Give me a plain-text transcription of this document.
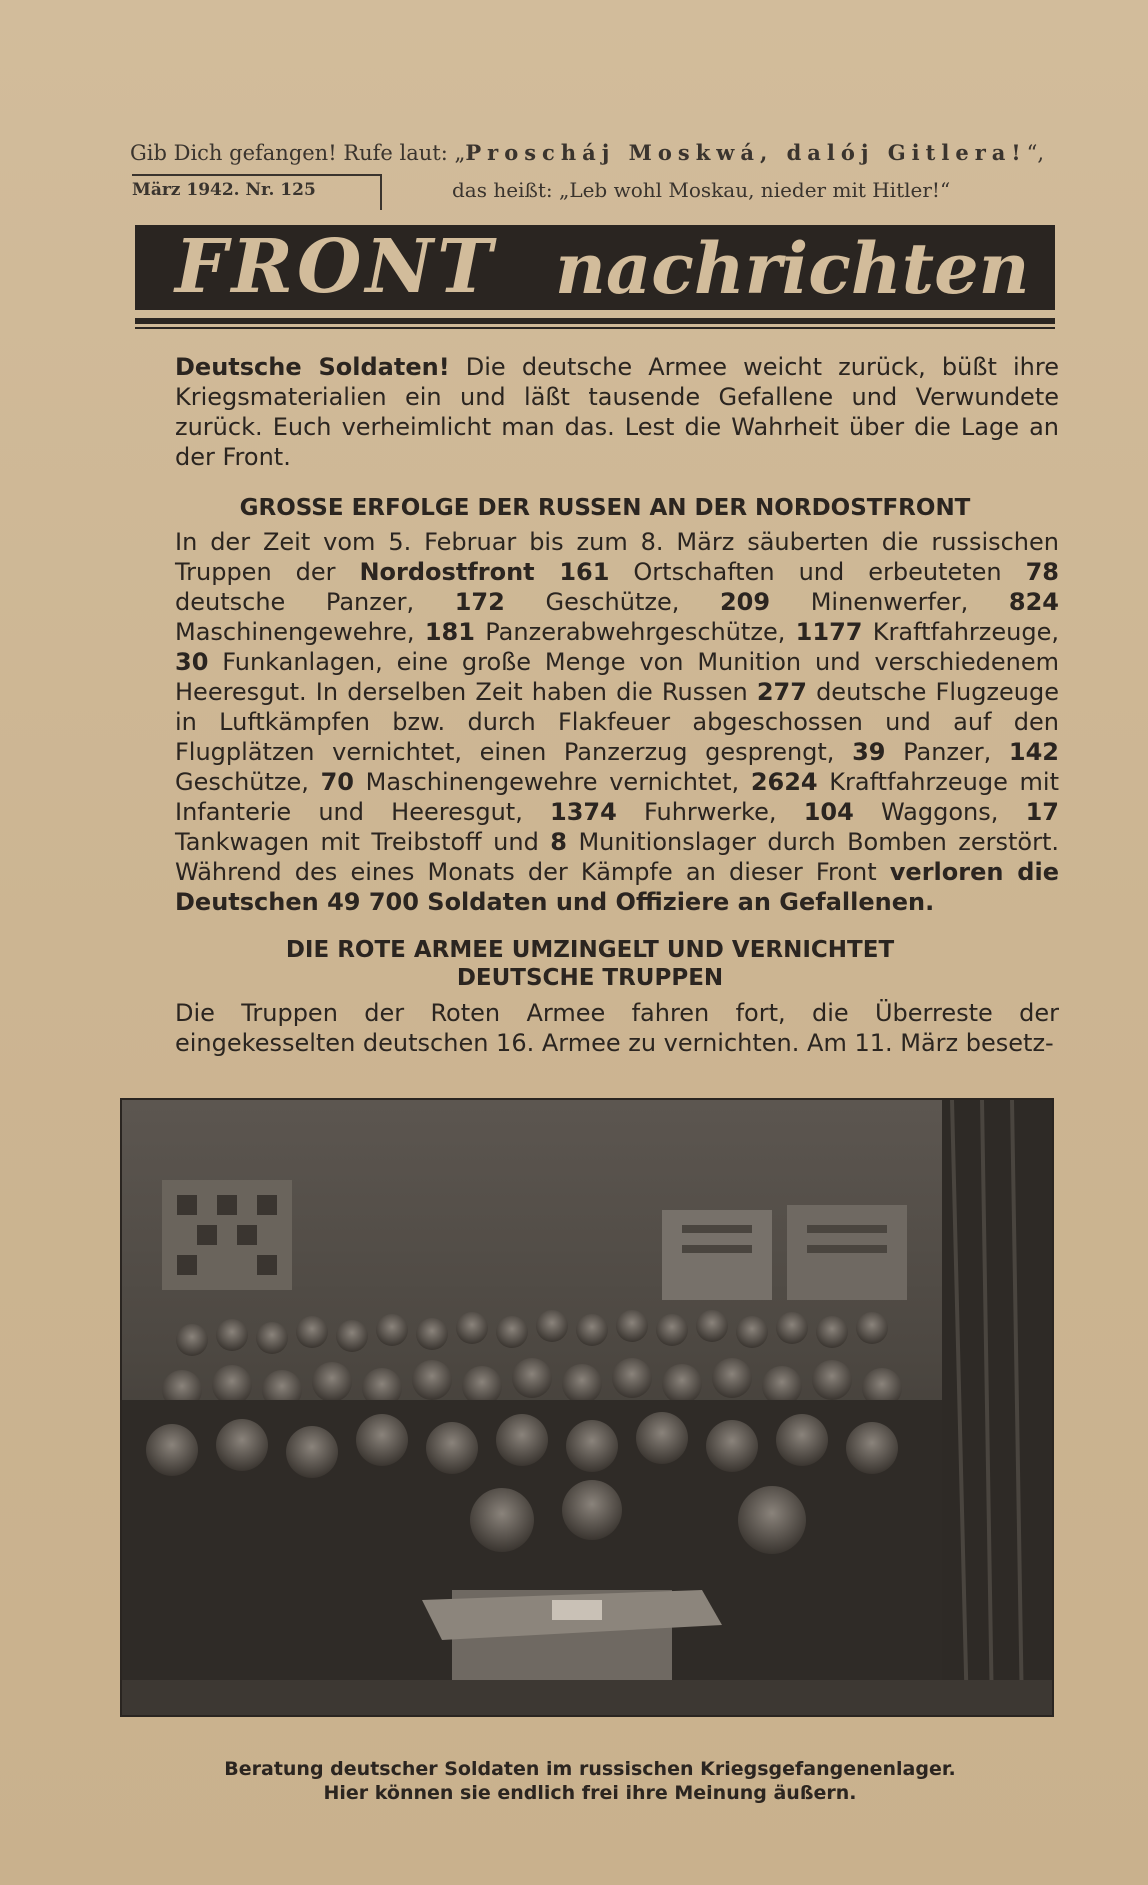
Gib Dich gefangen! Rufe laut: „Proscháj Moskwá, dalój Gitlera!“,
März 1942. Nr. 125	das heißt: „Leb wohl Moskau, nieder mit Hitler!“
FRONT nachrichten
Deutsche Soldaten! Die deutsche Armee weicht zurück, büßt ihre Kriegsmaterialien ein und läßt tausende Gefallene und Verwundete zurück. Euch verheimlicht man das. Lest die Wahrheit über die Lage an der Front.
GROSSE ERFOLGE DER RUSSEN AN DER NORDOSTFRONT
In der Zeit vom 5. Februar bis zum 8. März säuberten die russischen Truppen der Nordostfront 161 Ortschaften und erbeuteten 78 deutsche Panzer, 172 Geschütze, 209 Minenwerfer, 824 Maschinengewehre, 181 Panzerabwehrgeschütze, 1177 Kraftfahrzeuge, 30 Funkanlagen, eine große Menge von Munition und verschiedenem Heeresgut. In derselben Zeit haben die Russen 277 deutsche Flugzeuge in Luftkämpfen bzw. durch Flakfeuer abgeschossen und auf den Flugplätzen vernichtet, einen Panzerzug gesprengt, 39 Panzer, 142 Geschütze, 70 Maschinengewehre vernichtet, 2624 Kraftfahrzeuge mit Infanterie und Heeresgut, 1374 Fuhrwerke, 104 Waggons, 17 Tankwagen mit Treibstoff und 8 Munitionslager durch Bomben zerstört. Während des eines Monats der Kämpfe an dieser Front verloren die Deutschen 49 700 Soldaten und Offiziere an Gefallenen.
DIE ROTE ARMEE UMZINGELT UND VERNICHTET
DEUTSCHE TRUPPEN
Die Truppen der Roten Armee fahren fort, die Überreste der eingekesselten deutschen 16. Armee zu vernichten. Am 11. März besetz-
Beratung deutscher Soldaten im russischen Kriegsgefangenenlager.
Hier können sie endlich frei ihre Meinung äußern.
